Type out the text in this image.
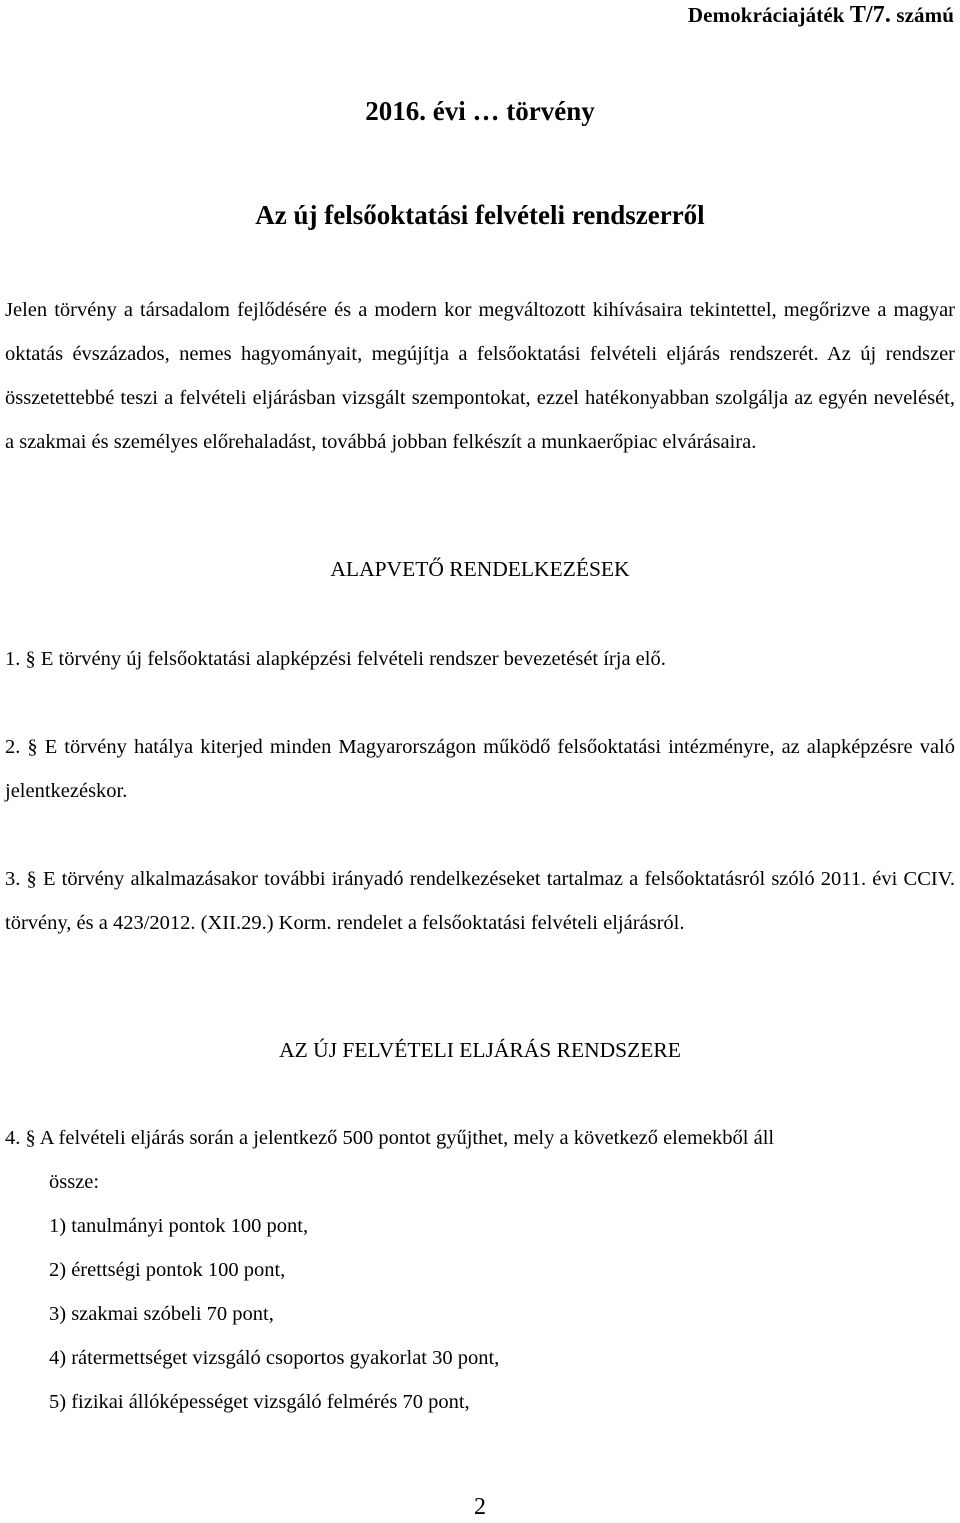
Demokráciajáték T/7. számú
2016. évi … törvény
Az új felsőoktatási felvételi rendszerről

Jelen törvény a társadalom fejlődésére és a modern kor megváltozott kihívásaira tekintettel, megőrizve a magyar oktatás évszázados, nemes hagyományait, megújítja a felsőoktatási felvételi eljárás rendszerét. Az új rendszer összetettebbé teszi a felvételi eljárásban vizsgált szempontokat, ezzel hatékonyabban szolgálja az egyén nevelését, a szakmai és személyes előrehaladást, továbbá jobban felkészít a munkaerőpiac elvárásaira.

ALAPVETŐ RENDELKEZÉSEK

1. § E törvény új felsőoktatási alapképzési felvételi rendszer bevezetését írja elő.

2. § E törvény hatálya kiterjed minden Magyarországon működő felsőoktatási intézményre, az alapképzésre való jelentkezéskor.

3. § E törvény alkalmazásakor további irányadó rendelkezéseket tartalmaz a felsőoktatásról szóló 2011. évi CCIV. törvény, és a 423/2012. (XII.29.) Korm. rendelet a felsőoktatási felvételi eljárásról.

AZ ÚJ FELVÉTELI ELJÁRÁS RENDSZERE
4. § A felvételi eljárás során a jelentkező 500 pontot gyűjthet, mely a következő elemekből áll
össze:
1) tanulmányi pontok 100 pont,
2) érettségi pontok 100 pont,
3) szakmai szóbeli 70 pont,
4) rátermettséget vizsgáló csoportos gyakorlat 30 pont,
5) fizikai állóképességet vizsgáló felmérés 70 pont,
2
